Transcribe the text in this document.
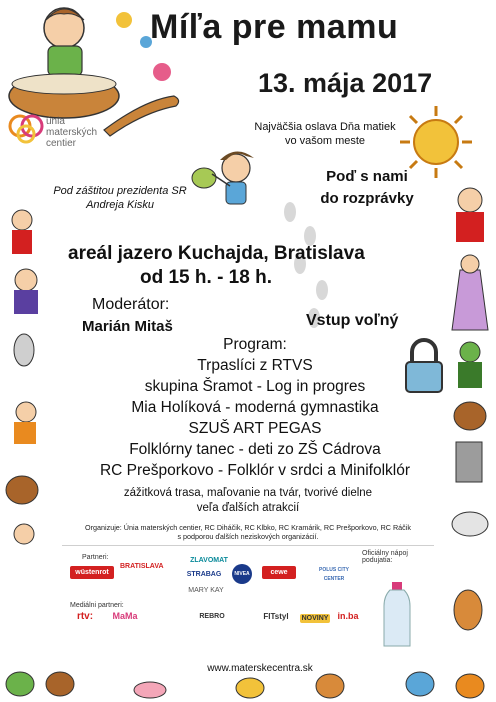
Míľa pre mamu
13. mája 2017
Najväčšia oslava Dňa matiek
vo vašom meste
Poď s nami
do rozprávky
únia
materských
centier
Pod záštitou prezidenta SR
Andreja Kisku
areál jazero Kuchajda, Bratislava
od 15 h. - 18 h.
Moderátor:
Marián Mitaš	Vstup voľný
Program:
Trpaslíci z RTVS
skupina Šramot - Log in progres
Mia Holíková - moderná gymnastika
SZUŠ ART PEGAS
Folklórny tanec - deti zo ZŠ Cádrova
RC Prešporkovo - Folklór v srdci a Minifolklór
zážitková trasa, maľovanie na tvár, tvorivé dielne
veľa ďalších atrakcií
Organizuje: Únia materských centier, RC Diháčik, RC Klbko, RC Kramárik, RC Prešporkovo, RC Ráčik
s podporou ďalších neziskových organizácií.
Partneri:
Oficiálny nápoj
podujatia:
wüstenrot
BRATISLAVA
ZLAVOMAT
STRABAG	NIVEA	cewe	POLUS CITY CENTER
MARY KAY
Mediálni partneri:
rtv:	MaMa	REBRO	FITstyl	NOVINY	in.ba
www.materskecentra.sk
